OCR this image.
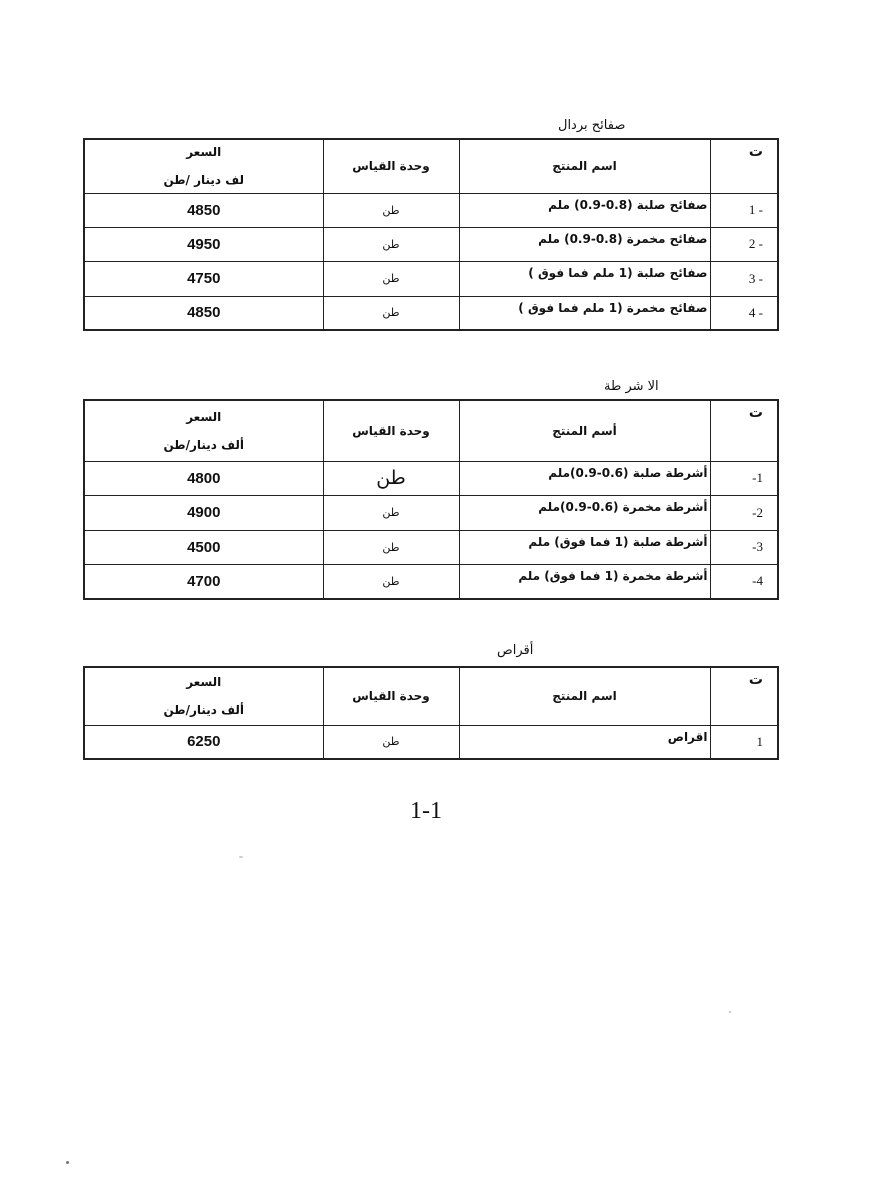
صفائح بردال
السعر
لف دينار /طن	وحدة القياس	اسم المنتج	ت
4850	طن	صفائح صلبة (0.8-0.9) ملم	1 -
4950	طن	صفائح مخمرة (0.8-0.9) ملم	2 -
4750	طن	صفائح صلبة (1 ملم فما فوق )	3 -
4850	طن	صفائح مخمرة (1 ملم فما فوق )	4 -
الا شر طة
السعر
ألف دينار/طن	وحدة القياس	أسم المنتج	ت
4800	طن	أشرطة صلبة (0.6-0.9)ملم	-1
4900	طن	أشرطة مخمرة (0.6-0.9)ملم	-2
4500	طن	أشرطة صلبة (1 فما فوق) ملم	-3
4700	طن	أشرطة مخمرة (1 فما فوق) ملم	-4
أقراص
السعر
ألف دينار/طن	وحدة القياس	اسم المنتج	ت
6250	طن	اقراص	1
1-1
